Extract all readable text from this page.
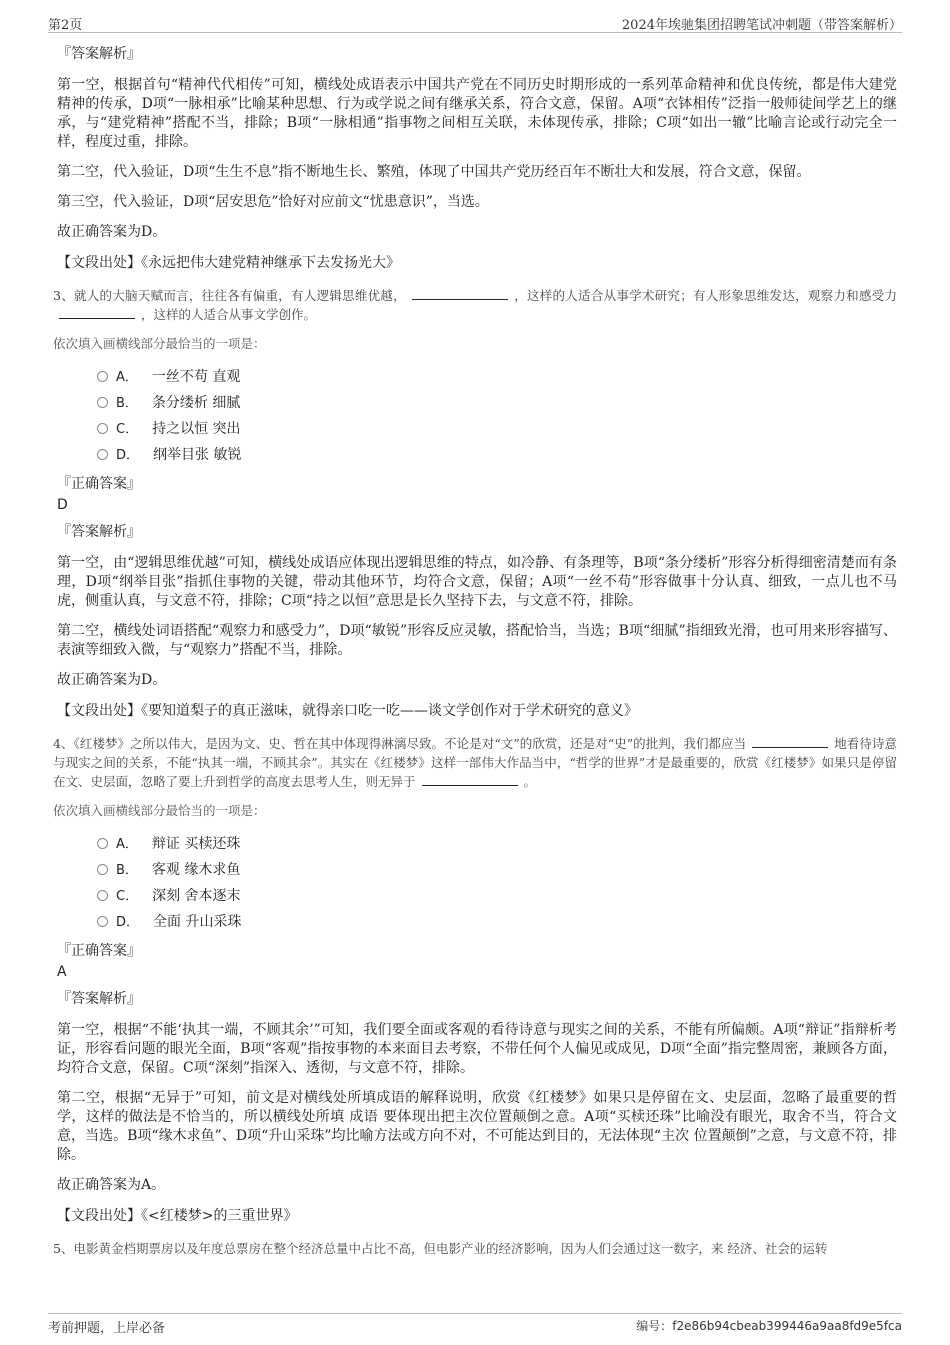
第2页	2024年埃驰集团招聘笔试冲刺题（带答案解析）
『答案解析』

第一空，根据首句“精神代代相传”可知，横线处成语表示中国共产党在不同历史时期形成的一系列革命精神和优良传统，都是伟大建党精神的传承，D项“一脉相承”比喻某种思想、行为或学说之间有继承关系，符合文意，保留。A项“衣钵相传”泛指一般师徒间学艺上的继承，与“建党精神”搭配不当，排除；B项“一脉相通”指事物之间相互关联，未体现传承，排除；C项“如出一辙”比喻言论或行动完全一样，程度过重，排除。

第二空，代入验证，D项“生生不息”指不断地生长、繁殖，体现了中国共产党历经百年不断壮大和发展，符合文意，保留。

第三空，代入验证，D项“居安思危”恰好对应前文“忧患意识”，当选。

故正确答案为D。

【文段出处】《永远把伟大建党精神继承下去发扬光大》
3、就人的大脑天赋而言，往往各有偏重，有人逻辑思维优越，	，这样的人适合从事学术研究；有人形象思维发达，观察力和感受力，这样的人适合从事文学创作。
依次填入画横线部分最恰当的一项是：
A． 一丝不苟 直观
B． 条分缕析 细腻
C． 持之以恒 突出
D． 纲举目张 敏锐
『正确答案』
D
『答案解析』

第一空，由“逻辑思维优越”可知，横线处成语应体现出逻辑思维的特点，如冷静、有条理等，B项“条分缕析”形容分析得细密清楚而有条理，D项“纲举目张”指抓住事物的关键，带动其他环节，均符合文意，保留；A项“一丝不苟”形容做事十分认真、细致，一点儿也不马虎，侧重认真，与文意不符，排除；C项“持之以恒”意思是长久坚持下去，与文意不符，排除。

第二空，横线处词语搭配“观察力和感受力”，D项“敏锐”形容反应灵敏，搭配恰当，当选；B项“细腻”指细致光滑，也可用来形容描写、表演等细致入微，与“观察力”搭配不当，排除。

故正确答案为D。

【文段出处】《要知道梨子的真正滋味，就得亲口吃一吃——谈文学创作对于学术研究的意义》
4、《红楼梦》之所以伟大，是因为文、史、哲在其中体现得淋漓尽致。不论是对“文”的欣赏，还是对“史”的批判，我们都应当	地看待诗意与现实之间的关系，不能“执其一端，不顾其余”。其实在《红楼梦》这样一部伟大作品当中，“哲学的世界”才是最重要的，欣赏《红楼梦》如果只是停留在文、史层面，忽略了要上升到哲学的高度去思考人生，则无异于	。
依次填入画横线部分最恰当的一项是：
A． 辩证 买椟还珠
B． 客观 缘木求鱼
C． 深刻 舍本逐末
D． 全面 升山采珠
『正确答案』
A
『答案解析』

第一空，根据“不能‘执其一端，不顾其余’”可知，我们要全面或客观的看待诗意与现实之间的关系，不能有所偏颇。A项“辩证”指辩析考证，形容看问题的眼光全面，B项“客观”指按事物的本来面目去考察，不带任何个人偏见或成见，D项“全面”指完整周密，兼顾各方面，均符合文意，保留。C项“深刻”指深入、透彻，与文意不符，排除。

第二空，根据“无异于”可知，前文是对横线处所填成语的解释说明，欣赏《红楼梦》如果只是停留在文、史层面，忽略了最重要的哲学，这样的做法是不恰当的，所以横线处所填 成语 要体现出把主次位置颠倒之意。A项“买椟还珠”比喻没有眼光，取舍不当，符合文意，当选。B项“缘木求鱼”、D项“升山采珠”均比喻方法或方向不对，不可能达到目的，无法体现“主次 位置颠倒”之意，与文意不符，排除。

故正确答案为A。

【文段出处】《<红楼梦>的三重世界》
5、电影黄金档期票房以及年度总票房在整个经济总量中占比不高，但电影产业的经济影响，因为人们会通过这一数字，来 经济、社会的运转
考前押题，上岸必备	编号：f2e86b94cbeab399446a9aa8fd9e5fca
